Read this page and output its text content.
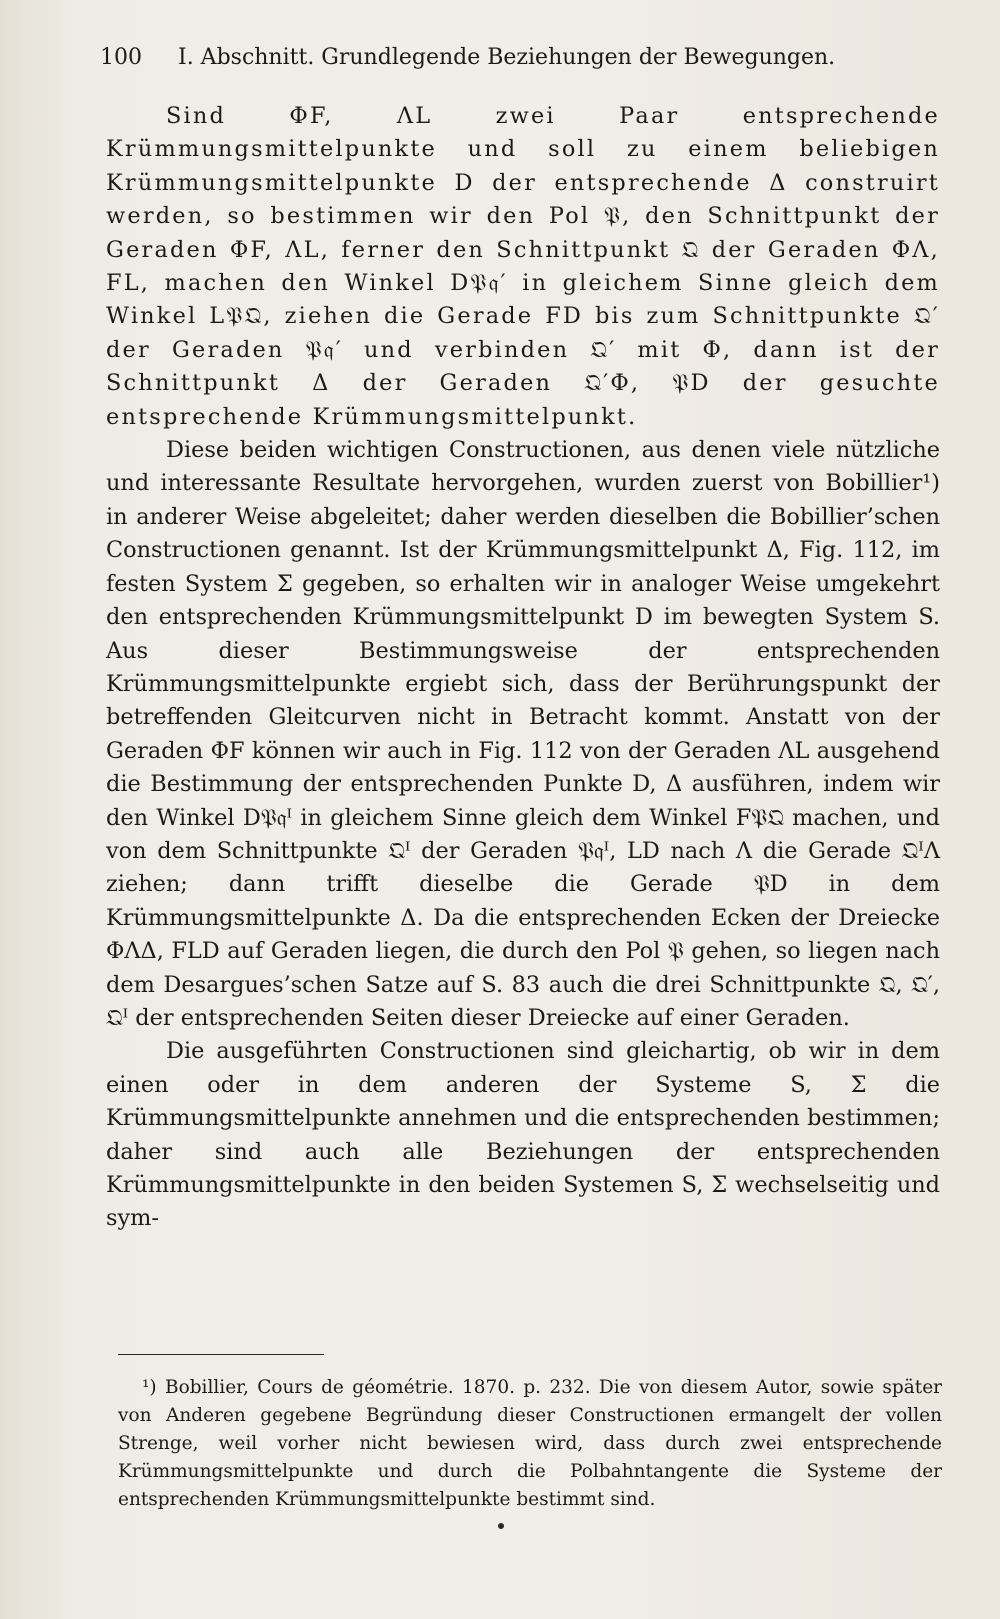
100 I. Abschnitt. Grundlegende Beziehungen der Bewegungen.

Sind ΦF, ΛL zwei Paar entsprechende Krümmungsmittelpunkte und soll zu einem beliebigen Krümmungsmittelpunkte D der entsprechende Δ construirt werden, so bestimmen wir den Pol 𝔓, den Schnittpunkt der Geraden ΦF, ΛL, ferner den Schnittpunkt 𝔔 der Geraden ΦΛ, FL, machen den Winkel D𝔓𝔮′ in gleichem Sinne gleich dem Winkel L𝔓𝔔, ziehen die Gerade FD bis zum Schnittpunkte 𝔔′ der Geraden 𝔓𝔮′ und verbinden 𝔔′ mit Φ, dann ist der Schnittpunkt Δ der Geraden 𝔔′Φ, 𝔓D der gesuchte entsprechende Krümmungsmittelpunkt.

Diese beiden wichtigen Constructionen, aus denen viele nützliche und interessante Resultate hervorgehen, wurden zuerst von Bobillier¹) in anderer Weise abgeleitet; daher werden dieselben die Bobillier’schen Constructionen genannt. Ist der Krümmungsmittelpunkt Δ, Fig. 112, im festen System Σ gegeben, so erhalten wir in analoger Weise umgekehrt den entsprechenden Krümmungsmittelpunkt D im bewegten System S. Aus dieser Bestimmungsweise der entsprechenden Krümmungsmittelpunkte ergiebt sich, dass der Berührungspunkt der betreffenden Gleitcurven nicht in Betracht kommt. Anstatt von der Geraden ΦF können wir auch in Fig. 112 von der Geraden ΛL ausgehend die Bestimmung der entsprechenden Punkte D, Δ ausführen, indem wir den Winkel D𝔓𝔮ᴵ in gleichem Sinne gleich dem Winkel F𝔓𝔔 machen, und von dem Schnittpunkte 𝔔ᴵ der Geraden 𝔓𝔮ᴵ, LD nach Λ die Gerade 𝔔ᴵΛ ziehen; dann trifft dieselbe die Gerade 𝔓D in dem Krümmungsmittelpunkte Δ. Da die entsprechenden Ecken der Dreiecke ΦΛΔ, FLD auf Geraden liegen, die durch den Pol 𝔓 gehen, so liegen nach dem Desargues’schen Satze auf S. 83 auch die drei Schnittpunkte 𝔔, 𝔔′, 𝔔ᴵ der entsprechenden Seiten dieser Dreiecke auf einer Geraden.

Die ausgeführten Constructionen sind gleichartig, ob wir in dem einen oder in dem anderen der Systeme S, Σ die Krümmungsmittelpunkte annehmen und die entsprechenden bestimmen; daher sind auch alle Beziehungen der entsprechenden Krümmungsmittelpunkte in den beiden Systemen S, Σ wechselseitig und sym-

¹) Bobillier, Cours de géométrie. 1870. p. 232. Die von diesem Autor, sowie später von Anderen gegebene Begründung dieser Constructionen ermangelt der vollen Strenge, weil vorher nicht bewiesen wird, dass durch zwei entsprechende Krümmungsmittelpunkte und durch die Polbahntangente die Systeme der entsprechenden Krümmungsmittelpunkte bestimmt sind.
